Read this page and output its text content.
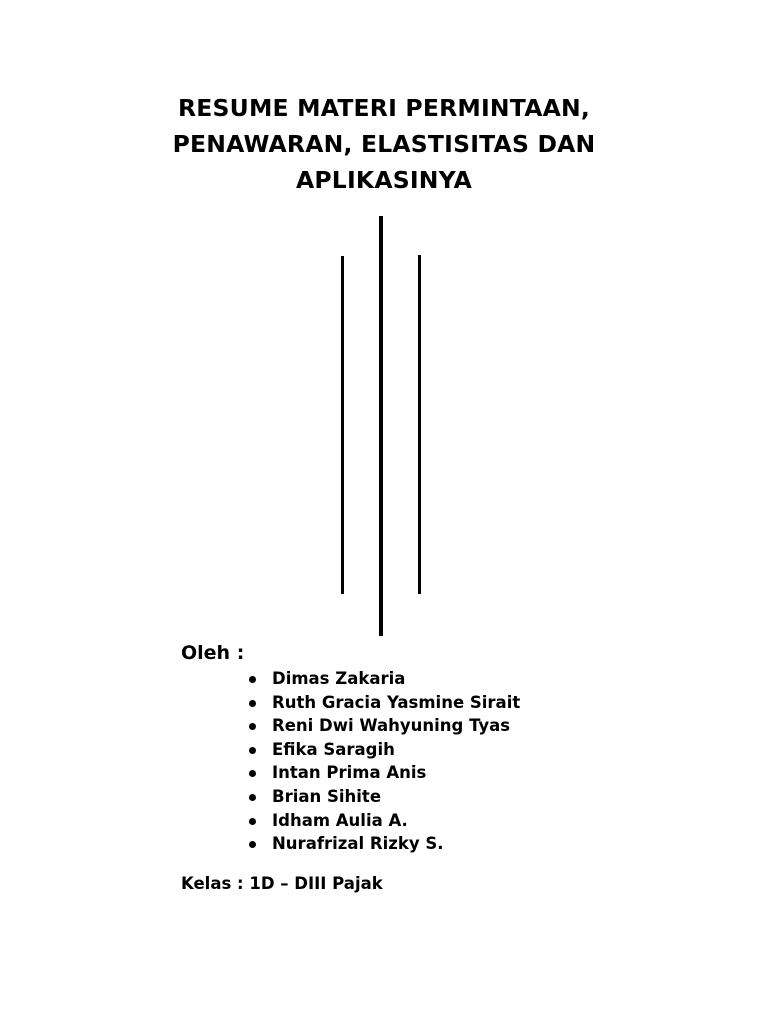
RESUME MATERI PERMINTAAN,
PENAWARAN, ELASTISITAS DAN
APLIKASINYA

Oleh :

Dimas Zakaria
Ruth Gracia Yasmine Sirait
Reni Dwi Wahyuning Tyas
Efika Saragih
Intan Prima Anis
Brian Sihite
Idham Aulia A.
Nurafrizal Rizky S.

Kelas : 1D – DIII Pajak
